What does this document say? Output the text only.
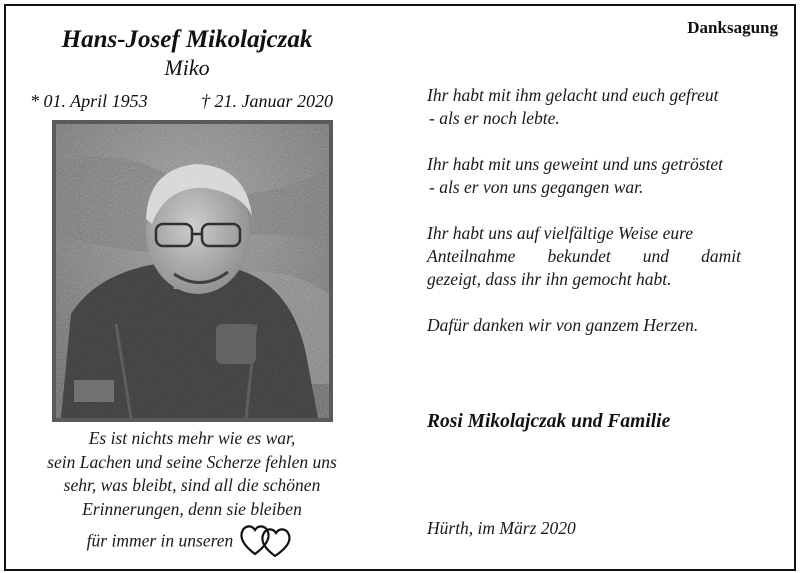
Danksagung
Hans-Josef Mikolajczak
Miko
* 01. April 1953	† 21. Januar 2020
Es ist nichts mehr wie es war,
sein Lachen und seine Scherze fehlen uns
sehr, was bleibt, sind all die schönen
Erinnerungen, denn sie bleiben
für immer in unseren
Ihr habt mit ihm gelacht und euch gefreut
- als er noch lebte.
Ihr habt mit uns geweint und uns getröstet
- als er von uns gegangen war.
Ihr habt uns auf vielfältige Weise eure
Anteilnahme bekundet und damit
gezeigt, dass ihr ihn gemocht habt.
Dafür danken wir von ganzem Herzen.
Rosi Mikolajczak und Familie
Hürth, im März 2020
